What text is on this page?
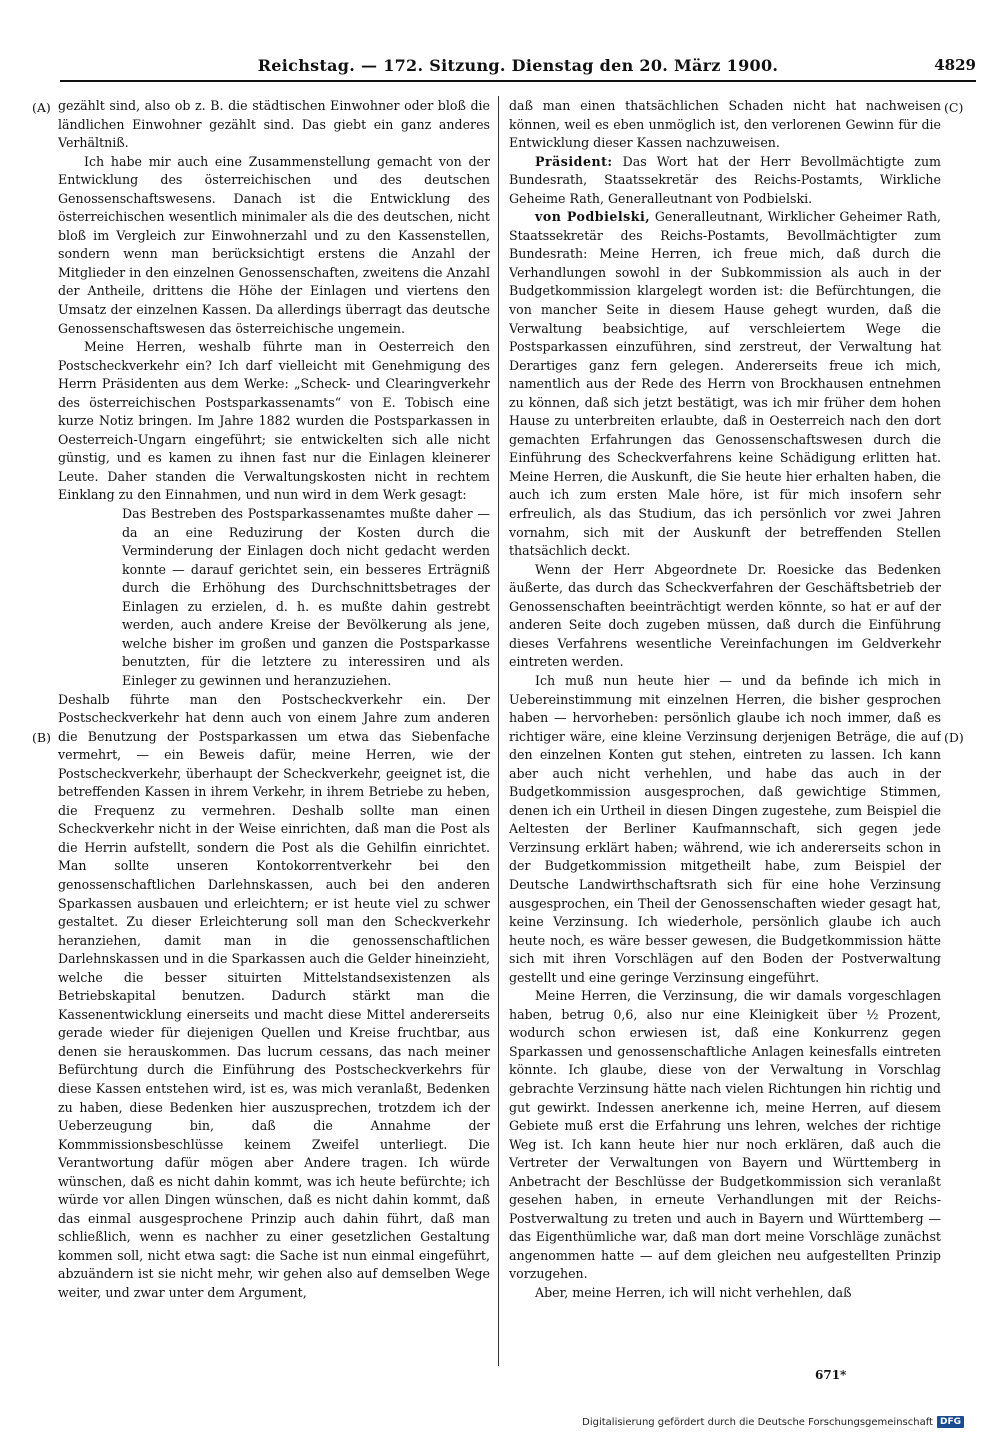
Reichstag. — 172. Sitzung. Dienstag den 20. März 1900.	4829
(A)
(B)
(C)
(D)

gezählt sind, also ob z. B. die städtischen Einwohner oder bloß die ländlichen Einwohner gezählt sind. Das giebt ein ganz anderes Verhältniß.

Ich habe mir auch eine Zusammenstellung gemacht von der Entwicklung des österreichischen und des deutschen Genossenschaftswesens. Danach ist die Entwicklung des österreichischen wesentlich minimaler als die des deutschen, nicht bloß im Vergleich zur Einwohnerzahl und zu den Kassenstellen, sondern wenn man berücksichtigt erstens die Anzahl der Mitglieder in den einzelnen Genossenschaften, zweitens die Anzahl der Antheile, drittens die Höhe der Einlagen und viertens den Umsatz der einzelnen Kassen. Da allerdings überragt das deutsche Genossenschaftswesen das österreichische ungemein.

Meine Herren, weshalb führte man in Oesterreich den Postscheckverkehr ein? Ich darf vielleicht mit Genehmigung des Herrn Präsidenten aus dem Werke: „Scheck- und Clearingverkehr des österreichischen Postsparkassenamts“ von E. Tobisch eine kurze Notiz bringen. Im Jahre 1882 wurden die Postsparkassen in Oesterreich-Ungarn eingeführt; sie entwickelten sich alle nicht günstig, und es kamen zu ihnen fast nur die Einlagen kleinerer Leute. Daher standen die Verwaltungskosten nicht in rechtem Einklang zu den Einnahmen, und nun wird in dem Werk gesagt:

Das Bestreben des Postsparkassenamtes mußte daher — da an eine Reduzirung der Kosten durch die Verminderung der Einlagen doch nicht gedacht werden konnte — darauf gerichtet sein, ein besseres Erträgniß durch die Erhöhung des Durchschnittsbetrages der Einlagen zu erzielen, d. h. es mußte dahin gestrebt werden, auch andere Kreise der Bevölkerung als jene, welche bisher im großen und ganzen die Postsparkasse benutzten, für die letztere zu interessiren und als Einleger zu gewinnen und heranzuziehen.

Deshalb führte man den Postscheckverkehr ein. Der Postscheckverkehr hat denn auch von einem Jahre zum anderen die Benutzung der Postsparkassen um etwa das Siebenfache vermehrt, — ein Beweis dafür, meine Herren, wie der Postscheckverkehr, überhaupt der Scheckverkehr, geeignet ist, die betreffenden Kassen in ihrem Verkehr, in ihrem Betriebe zu heben, die Frequenz zu vermehren. Deshalb sollte man einen Scheckverkehr nicht in der Weise einrichten, daß man die Post als die Herrin aufstellt, sondern die Post als die Gehilfin einrichtet. Man sollte unseren Kontokorrentverkehr bei den genossenschaftlichen Darlehnskassen, auch bei den anderen Sparkassen ausbauen und erleichtern; er ist heute viel zu schwer gestaltet. Zu dieser Erleichterung soll man den Scheckverkehr heranziehen, damit man in die genossenschaftlichen Darlehnskassen und in die Sparkassen auch die Gelder hineinzieht, welche die besser situirten Mittelstandsexistenzen als Betriebskapital benutzen. Dadurch stärkt man die Kassenentwicklung einerseits und macht diese Mittel andererseits gerade wieder für diejenigen Quellen und Kreise fruchtbar, aus denen sie herauskommen. Das lucrum cessans, das nach meiner Befürchtung durch die Einführung des Postscheckverkehrs für diese Kassen entstehen wird, ist es, was mich veranlaßt, Bedenken zu haben, diese Bedenken hier auszusprechen, trotzdem ich der Ueberzeugung bin, daß die Annahme der Kommmissionsbeschlüsse keinem Zweifel unterliegt. Die Verantwortung dafür mögen aber Andere tragen. Ich würde wünschen, daß es nicht dahin kommt, was ich heute befürchte; ich würde vor allen Dingen wünschen, daß es nicht dahin kommt, daß das einmal ausgesprochene Prinzip auch dahin führt, daß man schließlich, wenn es nachher zu einer gesetzlichen Gestaltung kommen soll, nicht etwa sagt: die Sache ist nun einmal eingeführt, abzuändern ist sie nicht mehr, wir gehen also auf demselben Wege weiter, und zwar unter dem Argument,

daß man einen thatsächlichen Schaden nicht hat nachweisen können, weil es eben unmöglich ist, den verlorenen Gewinn für die Entwicklung dieser Kassen nachzuweisen.

Präsident: Das Wort hat der Herr Bevollmächtigte zum Bundesrath, Staatssekretär des Reichs-Postamts, Wirkliche Geheime Rath, Generalleutnant von Podbielski.

von Podbielski, Generalleutnant, Wirklicher Geheimer Rath, Staatssekretär des Reichs-Postamts, Bevollmächtigter zum Bundesrath: Meine Herren, ich freue mich, daß durch die Verhandlungen sowohl in der Subkommission als auch in der Budgetkommission klargelegt worden ist: die Befürchtungen, die von mancher Seite in diesem Hause gehegt wurden, daß die Verwaltung beabsichtige, auf verschleiertem Wege die Postsparkassen einzuführen, sind zerstreut, der Verwaltung hat Derartiges ganz fern gelegen. Andererseits freue ich mich, namentlich aus der Rede des Herrn von Brockhausen entnehmen zu können, daß sich jetzt bestätigt, was ich mir früher dem hohen Hause zu unterbreiten erlaubte, daß in Oesterreich nach den dort gemachten Erfahrungen das Genossenschaftswesen durch die Einführung des Scheckverfahrens keine Schädigung erlitten hat. Meine Herren, die Auskunft, die Sie heute hier erhalten haben, die auch ich zum ersten Male höre, ist für mich insofern sehr erfreulich, als das Studium, das ich persönlich vor zwei Jahren vornahm, sich mit der Auskunft der betreffenden Stellen thatsächlich deckt.

Wenn der Herr Abgeordnete Dr. Roesicke das Bedenken äußerte, das durch das Scheckverfahren der Geschäftsbetrieb der Genossenschaften beeinträchtigt werden könnte, so hat er auf der anderen Seite doch zugeben müssen, daß durch die Einführung dieses Verfahrens wesentliche Vereinfachungen im Geldverkehr eintreten werden.

Ich muß nun heute hier — und da befinde ich mich in Uebereinstimmung mit einzelnen Herren, die bisher gesprochen haben — hervorheben: persönlich glaube ich noch immer, daß es richtiger wäre, eine kleine Verzinsung derjenigen Beträge, die auf den einzelnen Konten gut stehen, eintreten zu lassen. Ich kann aber auch nicht verhehlen, und habe das auch in der Budgetkommission ausgesprochen, daß gewichtige Stimmen, denen ich ein Urtheil in diesen Dingen zugestehe, zum Beispiel die Aeltesten der Berliner Kaufmannschaft, sich gegen jede Verzinsung erklärt haben; während, wie ich andererseits schon in der Budgetkommission mitgetheilt habe, zum Beispiel der Deutsche Landwirthschaftsrath sich für eine hohe Verzinsung ausgesprochen, ein Theil der Genossenschaften wieder gesagt hat, keine Verzinsung. Ich wiederhole, persönlich glaube ich auch heute noch, es wäre besser gewesen, die Budgetkommission hätte sich mit ihren Vorschlägen auf den Boden der Postverwaltung gestellt und eine geringe Verzinsung eingeführt.

Meine Herren, die Verzinsung, die wir damals vorgeschlagen haben, betrug 0,6, also nur eine Kleinigkeit über ½ Prozent, wodurch schon erwiesen ist, daß eine Konkurrenz gegen Sparkassen und genossenschaftliche Anlagen keinesfalls eintreten könnte. Ich glaube, diese von der Verwaltung in Vorschlag gebrachte Verzinsung hätte nach vielen Richtungen hin richtig und gut gewirkt. Indessen anerkenne ich, meine Herren, auf diesem Gebiete muß erst die Erfahrung uns lehren, welches der richtige Weg ist. Ich kann heute hier nur noch erklären, daß auch die Vertreter der Verwaltungen von Bayern und Württemberg in Anbetracht der Beschlüsse der Budgetkommission sich veranlaßt gesehen haben, in erneute Verhandlungen mit der Reichs-Postverwaltung zu treten und auch in Bayern und Württemberg — das Eigenthümliche war, daß man dort meine Vorschläge zunächst angenommen hatte — auf dem gleichen neu aufgestellten Prinzip vorzugehen.

Aber, meine Herren, ich will nicht verhehlen, daß

671*
Digitalisierung gefördert durch die Deutsche Forschungsgemeinschaft DFG
